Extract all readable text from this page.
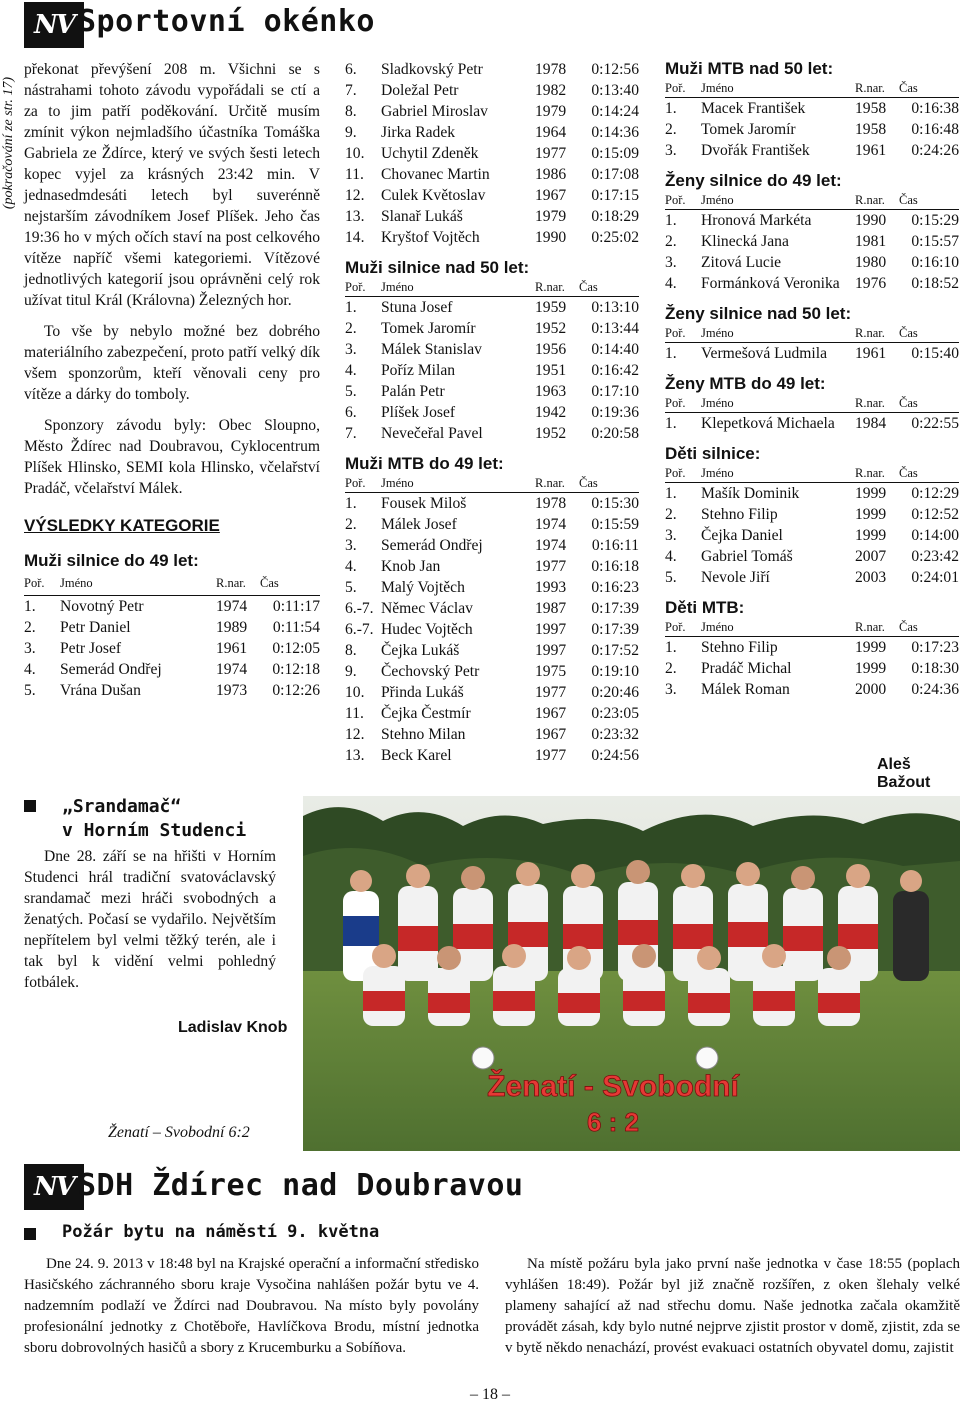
NV Sportovní okénko
(pokračování ze str. 17)

překonat převýšení 208 m. Všichni se s nástrahami tohoto závodu vypořádali se ctí a za to jim patří poděkování. Určitě musím zmínit výkon nejmladšího účastníka Tomáška Gabriela ze Ždírce, který ve svých šesti letech kopec vyjel za krásných 23:42 min. V jednasedmdesáti letech byl suverénně nejstarším závodníkem Josef Plíšek. Jeho čas 19:36 ho v mých očích staví na post celkového vítěze napříč všemi kategoriemi. Vítězové jednotlivých kategorií jsou oprávněni celý rok užívat titul Král (Královna) Železných hor.

To vše by nebylo možné bez dobrého materiálního zabezpečení, proto patří velký dík všem sponzorům, kteří věnovali ceny pro vítěze a dárky do tomboly.

Sponzory závodu byly: Obec Sloupno, Město Ždírec nad Doubravou, Cyklocentrum Plíšek Hlinsko, SEMI kola Hlinsko, včelařství Pradáč, včelařství Málek.

VÝSLEDKY KATEGORIE
Muži silnice do 49 let:
Poř.	Jméno	R.nar.	Čas
1.	Novotný Petr	1974	0:11:17
2.	Petr Daniel	1989	0:11:54
3.	Petr Josef	1961	0:12:05
4.	Semerád Ondřej	1974	0:12:18
5.	Vrána Dušan	1973	0:12:26
6.	Sladkovský Petr	1978	0:12:56
7.	Doležal Petr	1982	0:13:40
8.	Gabriel Miroslav	1979	0:14:24
9.	Jirka Radek	1964	0:14:36
10.	Uchytil Zdeněk	1977	0:15:09
11.	Chovanec Martin	1986	0:17:08
12.	Culek Květoslav	1967	0:17:15
13.	Slanař Lukáš	1979	0:18:29
14.	Kryštof Vojtěch	1990	0:25:02
Muži silnice nad 50 let:
Poř.	Jméno	R.nar.	Čas
1.	Stuna Josef	1959	0:13:10
2.	Tomek Jaromír	1952	0:13:44
3.	Málek Stanislav	1956	0:14:40
4.	Poříz Milan	1951	0:16:42
5.	Palán Petr	1963	0:17:10
6.	Plíšek Josef	1942	0:19:36
7.	Nevečeřal Pavel	1952	0:20:58
Muži MTB do 49 let:
Poř.	Jméno	R.nar.	Čas
1.	Fousek Miloš	1978	0:15:30
2.	Málek Josef	1974	0:15:59
3.	Semerád Ondřej	1974	0:16:11
4.	Knob Jan	1977	0:16:18
5.	Malý Vojtěch	1993	0:16:23
6.-7. Němec Václav	1987	0:17:39
6.-7. Hudec Vojtěch	1997	0:17:39
8.	Čejka Lukáš	1997	0:17:52
9.	Čechovský Petr	1975	0:19:10
10.	Přinda Lukáš	1977	0:20:46
11.	Čejka Čestmír	1967	0:23:05
12.	Stehno Milan	1967	0:23:32
13.	Beck Karel	1977	0:24:56
Muži MTB nad 50 let:
Poř.	Jméno	R.nar.	Čas
1.	Macek František	1958	0:16:38
2.	Tomek Jaromír	1958	0:16:48
3.	Dvořák František	1961	0:24:26
Ženy silnice do 49 let:
Poř.	Jméno	R.nar.	Čas
1.	Hronová Markéta	1990	0:15:29
2.	Klinecká Jana	1981	0:15:57
3.	Zitová Lucie	1980	0:16:10
4.	Formánková Veronika 1976	0:18:52
Ženy silnice nad 50 let:
Poř.	Jméno	R.nar.	Čas
1.	Vermešová Ludmila	1961	0:15:40
Ženy MTB do 49 let:
Poř.	Jméno	R.nar.	Čas
1.	Klepetková Michaela	1984	0:22:55
Děti silnice:
Poř.	Jméno	R.nar.	Čas
1.	Mašík Dominik	1999	0:12:29
2.	Stehno Filip	1999	0:12:52
3.	Čejka Daniel	1999	0:14:00
4.	Gabriel Tomáš	2007	0:23:42
5.	Nevole Jiří	2003	0:24:01
Děti MTB:
Poř.	Jméno	R.nar.	Čas
1.	Stehno Filip	1999	0:17:23
2.	Pradáč Michal	1999	0:18:30
3.	Málek Roman	2000	0:24:36
Aleš Bažout
„Srandamač“
v Horním Studenci

Dne 28. září se na hřišti v Horním Studenci hrál tradiční svatováclavský srandamač mezi hráči svobodných a ženatých. Počasí se vydařilo. Největším nepřítelem byl velmi těžký terén, ale i tak byl k vidění velmi pohledný fotbálek.

Ladislav Knob
Ženatí – Svobodní 6:2
Ženatí - Svobodní
6 : 2
NV SDH Ždírec nad Doubravou
Požár bytu na náměstí 9. května

Dne 24. 9. 2013 v 18:48 byl na Krajské operační a informační středisko Hasičského záchranného sboru kraje Vysočina nahlášen požár bytu ve 4. nadzemním podlaží ve Ždírci nad Doubravou. Na místo byly povolány profesionální jednotky z Chotěboře, Havlíčkova Brodu, místní jednotka sboru dobrovolných hasičů a sbory z Krucemburku a Sobíňova.

Na místě požáru byla jako první naše jednotka v čase 18:55 (poplach vyhlášen 18:49). Požár byl již značně rozšířen, z oken šlehaly velké plameny sahající až nad střechu domu. Naše jednotka začala okamžitě provádět zásah, kdy bylo nutné nejprve zjistit prostor v domě, zjistit, zda se v bytě někdo nenachází, provést evakuaci ostatních obyvatel domu, zajistit

– 18 –
